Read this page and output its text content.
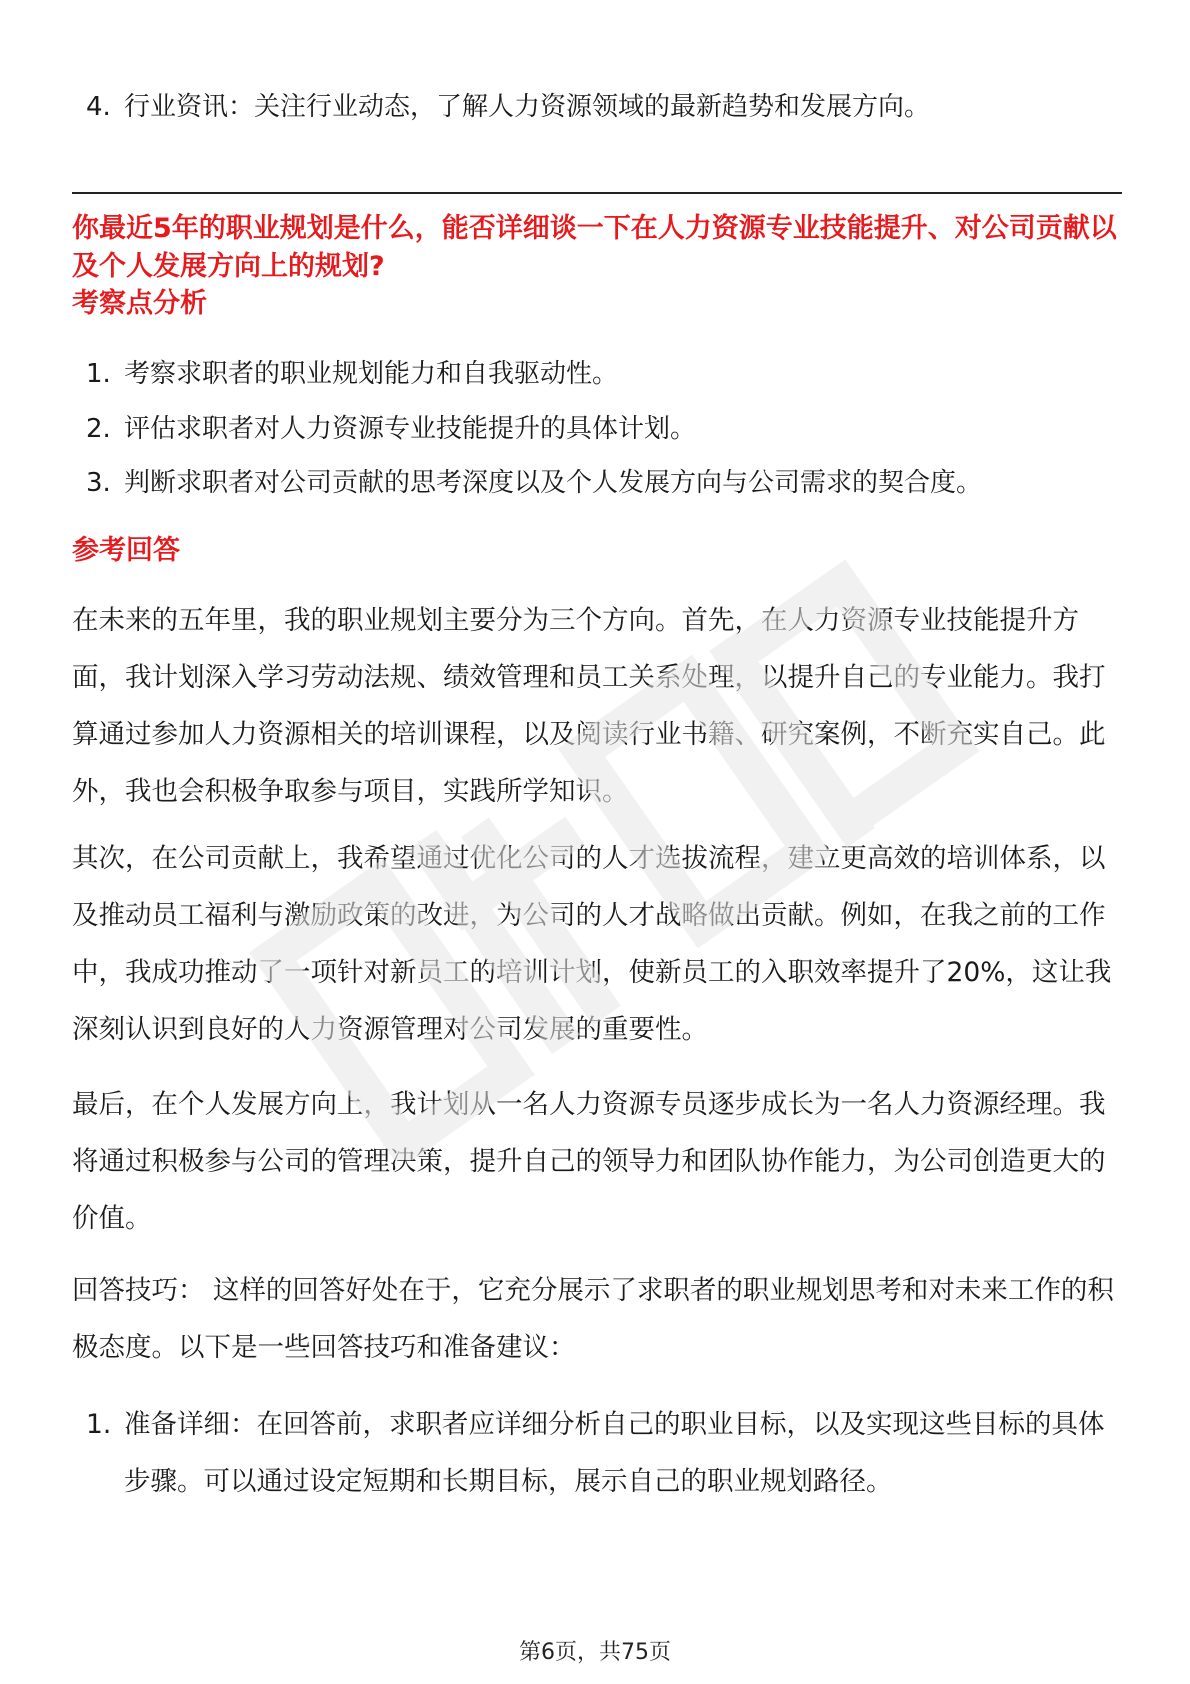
4. 行业资讯：关注行业动态，了解人力资源领域的最新趋势和发展方向。
你最近5年的职业规划是什么，能否详细谈一下在人力资源专业技能提升、对公司贡献以及个人发展方向上的规划?
考察点分析
1. 考察求职者的职业规划能力和自我驱动性。
2. 评估求职者对人力资源专业技能提升的具体计划。
3. 判断求职者对公司贡献的思考深度以及个人发展方向与公司需求的契合度。
参考回答
在未来的五年里，我的职业规划主要分为三个方向。首先，在人力资源专业技能提升方面，我计划深入学习劳动法规、绩效管理和员工关系处理，以提升自己的专业能力。我打算通过参加人力资源相关的培训课程，以及阅读行业书籍、研究案例，不断充实自己。此外，我也会积极争取参与项目，实践所学知识。
其次，在公司贡献上，我希望通过优化公司的人才选拔流程，建立更高效的培训体系，以及推动员工福利与激励政策的改进，为公司的人才战略做出贡献。例如，在我之前的工作中，我成功推动了一项针对新员工的培训计划，使新员工的入职效率提升了20%，这让我深刻认识到良好的人力资源管理对公司发展的重要性。
最后，在个人发展方向上，我计划从一名人力资源专员逐步成长为一名人力资源经理。我将通过积极参与公司的管理决策，提升自己的领导力和团队协作能力，为公司创造更大的价值。
回答技巧： 这样的回答好处在于，它充分展示了求职者的职业规划思考和对未来工作的积极态度。以下是一些回答技巧和准备建议：
1. 准备详细：在回答前，求职者应详细分析自己的职业目标，以及实现这些目标的具体步骤。可以通过设定短期和长期目标，展示自己的职业规划路径。
第6页，共75页
